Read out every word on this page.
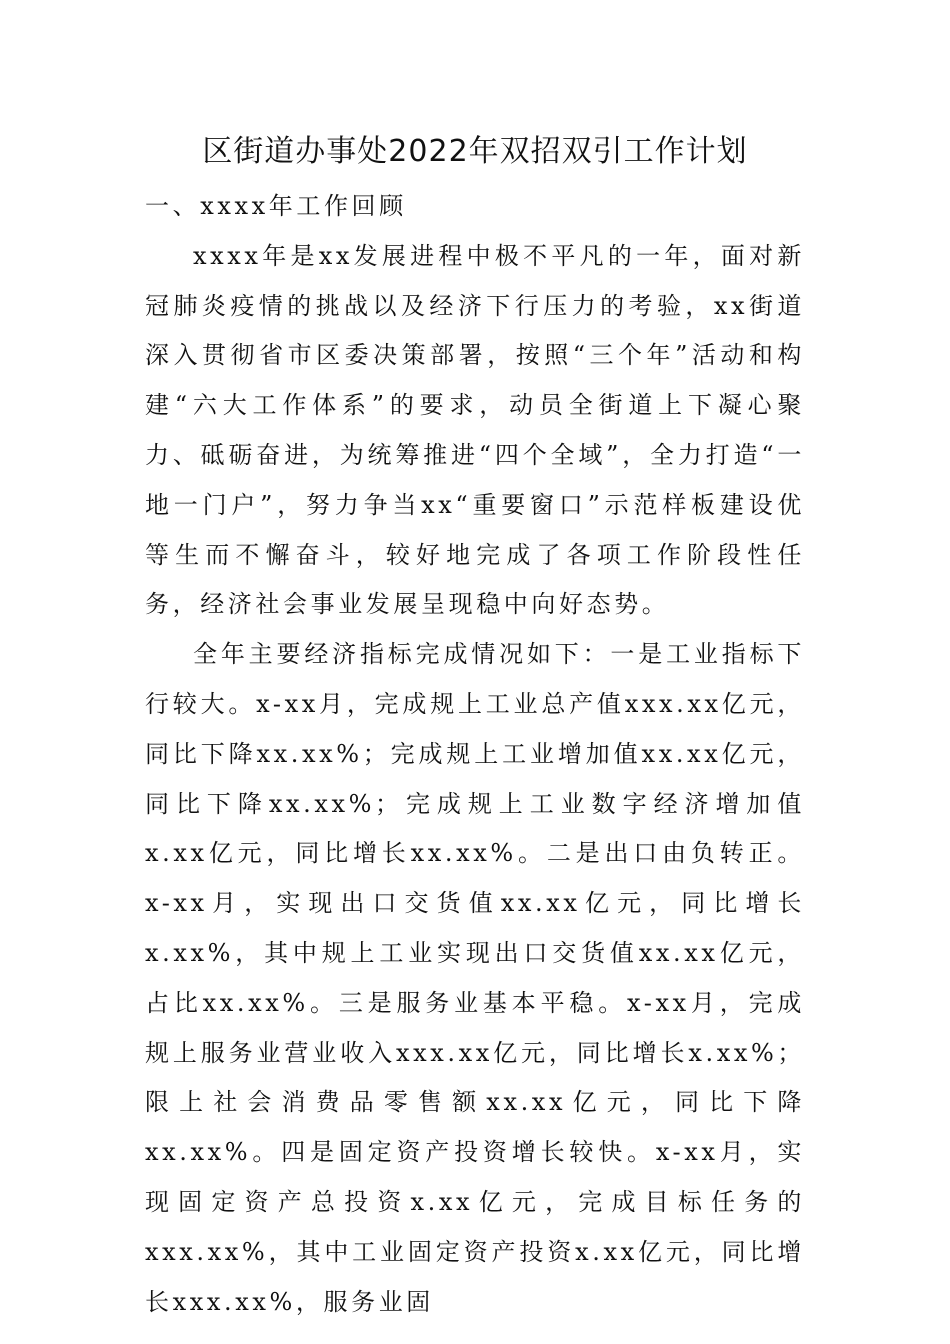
区街道办事处2022年双招双引工作计划

一、xxxx年工作回顾

xxxx年是xx发展进程中极不平凡的一年，面对新冠肺炎疫情的挑战以及经济下行压力的考验，xx街道深入贯彻省市区委决策部署，按照“三个年”活动和构建“六大工作体系”的要求，动员全街道上下凝心聚力、砥砺奋进，为统筹推进“四个全域”，全力打造“一地一门户”，努力争当xx“重要窗口”示范样板建设优等生而不懈奋斗，较好地完成了各项工作阶段性任务，经济社会事业发展呈现稳中向好态势。

全年主要经济指标完成情况如下：一是工业指标下行较大。x-xx月，完成规上工业总产值xxx.xx亿元，同比下降xx.xx%；完成规上工业增加值xx.xx亿元，同比下降xx.xx%；完成规上工业数字经济增加值x.xx亿元，同比增长xx.xx%。二是出口由负转正。x-xx月，实现出口交货值xx.xx亿元，同比增长x.xx%，其中规上工业实现出口交货值xx.xx亿元，占比xx.xx%。三是服务业基本平稳。x-xx月，完成规上服务业营业收入xxx.xx亿元，同比增长x.xx%；限上社会消费品零售额xx.xx亿元，同比下降xx.xx%。四是固定资产投资增长较快。x-xx月，实现固定资产总投资x.xx亿元，完成目标任务的xxx.xx%，其中工业固定资产投资x.xx亿元，同比增长xxx.xx%，服务业固
